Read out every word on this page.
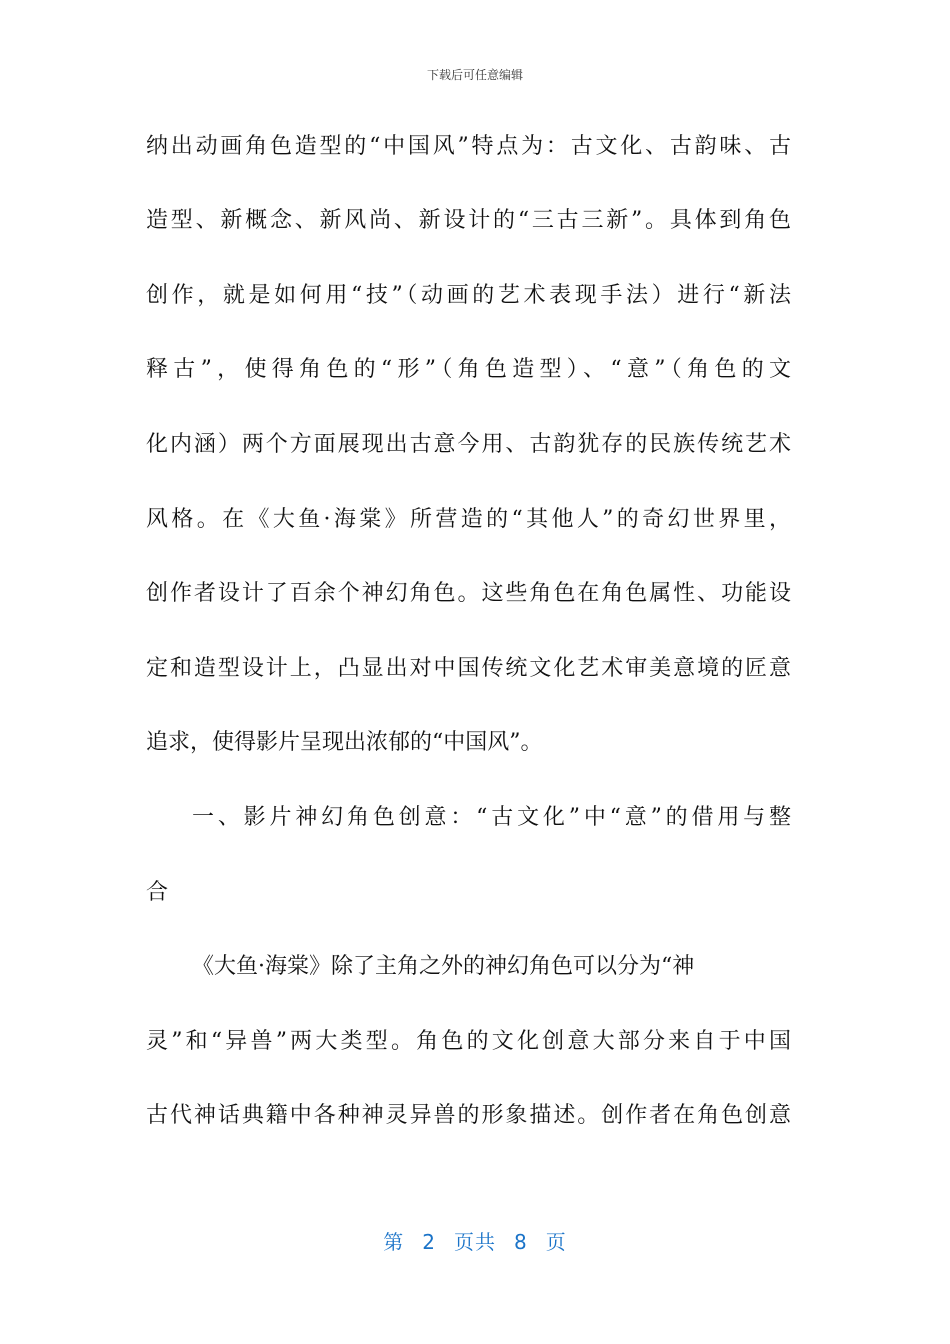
下载后可任意编辑
纳出动画角色造型的“中国风”特点为：古文化、古韵味、古
造型、新概念、新风尚、新设计的“三古三新”。具体到角色
创作，就是如何用“技”（动画的艺术表现手法）进行“新法
释古”，使得角色的“形”（角色造型）、“意”（角色的文
化内涵）两个方面展现出古意今用、古韵犹存的民族传统艺术
风格。在《大鱼·海棠》所营造的“其他人”的奇幻世界里，
创作者设计了百余个神幻角色。这些角色在角色属性、功能设
定和造型设计上，凸显出对中国传统文化艺术审美意境的匠意
追求，使得影片呈现出浓郁的“中国风”。
一、影片神幻角色创意：“古文化”中“意”的借用与整
合
《大鱼·海棠》除了主角之外的神幻角色可以分为“神
灵”和“异兽”两大类型。角色的文化创意大部分来自于中国
古代神话典籍中各种神灵异兽的形象描述。创作者在角色创意
第 2 页共 8 页
